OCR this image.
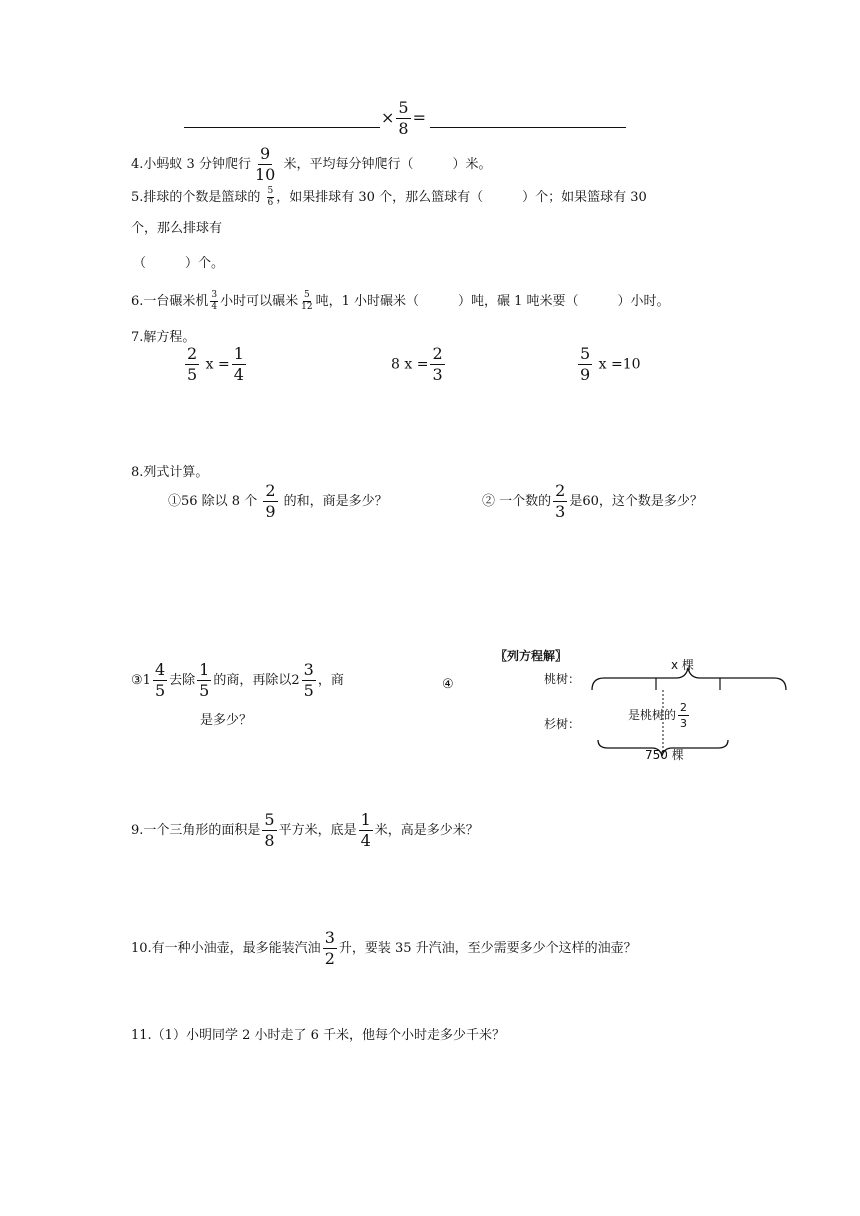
× $\frac{5}{8}$ =
4.小蚂蚁 3 分钟爬行 $\frac{9}{10}$ 米，平均每分钟爬行（　　　）米。
5.排球的个数是篮球的 $\frac{5}{6}$ ，如果排球有 30 个，那么篮球有（　　　）个；如果篮球有 30
个，那么排球有
（　　　）个。
6.一台碾米机 $\frac{3}{4}$ 小时可以碾米 $\frac{5}{12}$ 吨，1 小时碾米（　　　）吨，碾 1 吨米要（　　　）小时。
7.解方程。
$\frac{2}{5}$ $x = \frac{1}{4}$	8 $x = \frac{2}{3}$	$\frac{5}{9}$ x =10
8.列式计算。
①56 除以 8 个 $\frac{2}{9}$ 的和，商是多少？	② 一个数的 $\frac{2}{3}$ 是60，这个数是多少？
③1 $\frac{4}{5}$ 去除 $\frac{1}{5}$ 的商，再除以$2 \frac{3}{5}$ ，商
是多少？
④
〖列方程解〗
桃树：
杉树：
x 棵
是桃树的 $\frac{2}{3}$
750 棵
9.一个三角形的面积是 $\frac{5}{8}$ 平方米，底是 $\frac{1}{4}$ 米，高是多少米？
10.有一种小油壶，最多能装汽油 $\frac{3}{2}$ 升，要装 35 升汽油，至少需要多少个这样的油壶？
11.（1）小明同学 2 小时走了 6 千米，他每个小时走多少千米？
